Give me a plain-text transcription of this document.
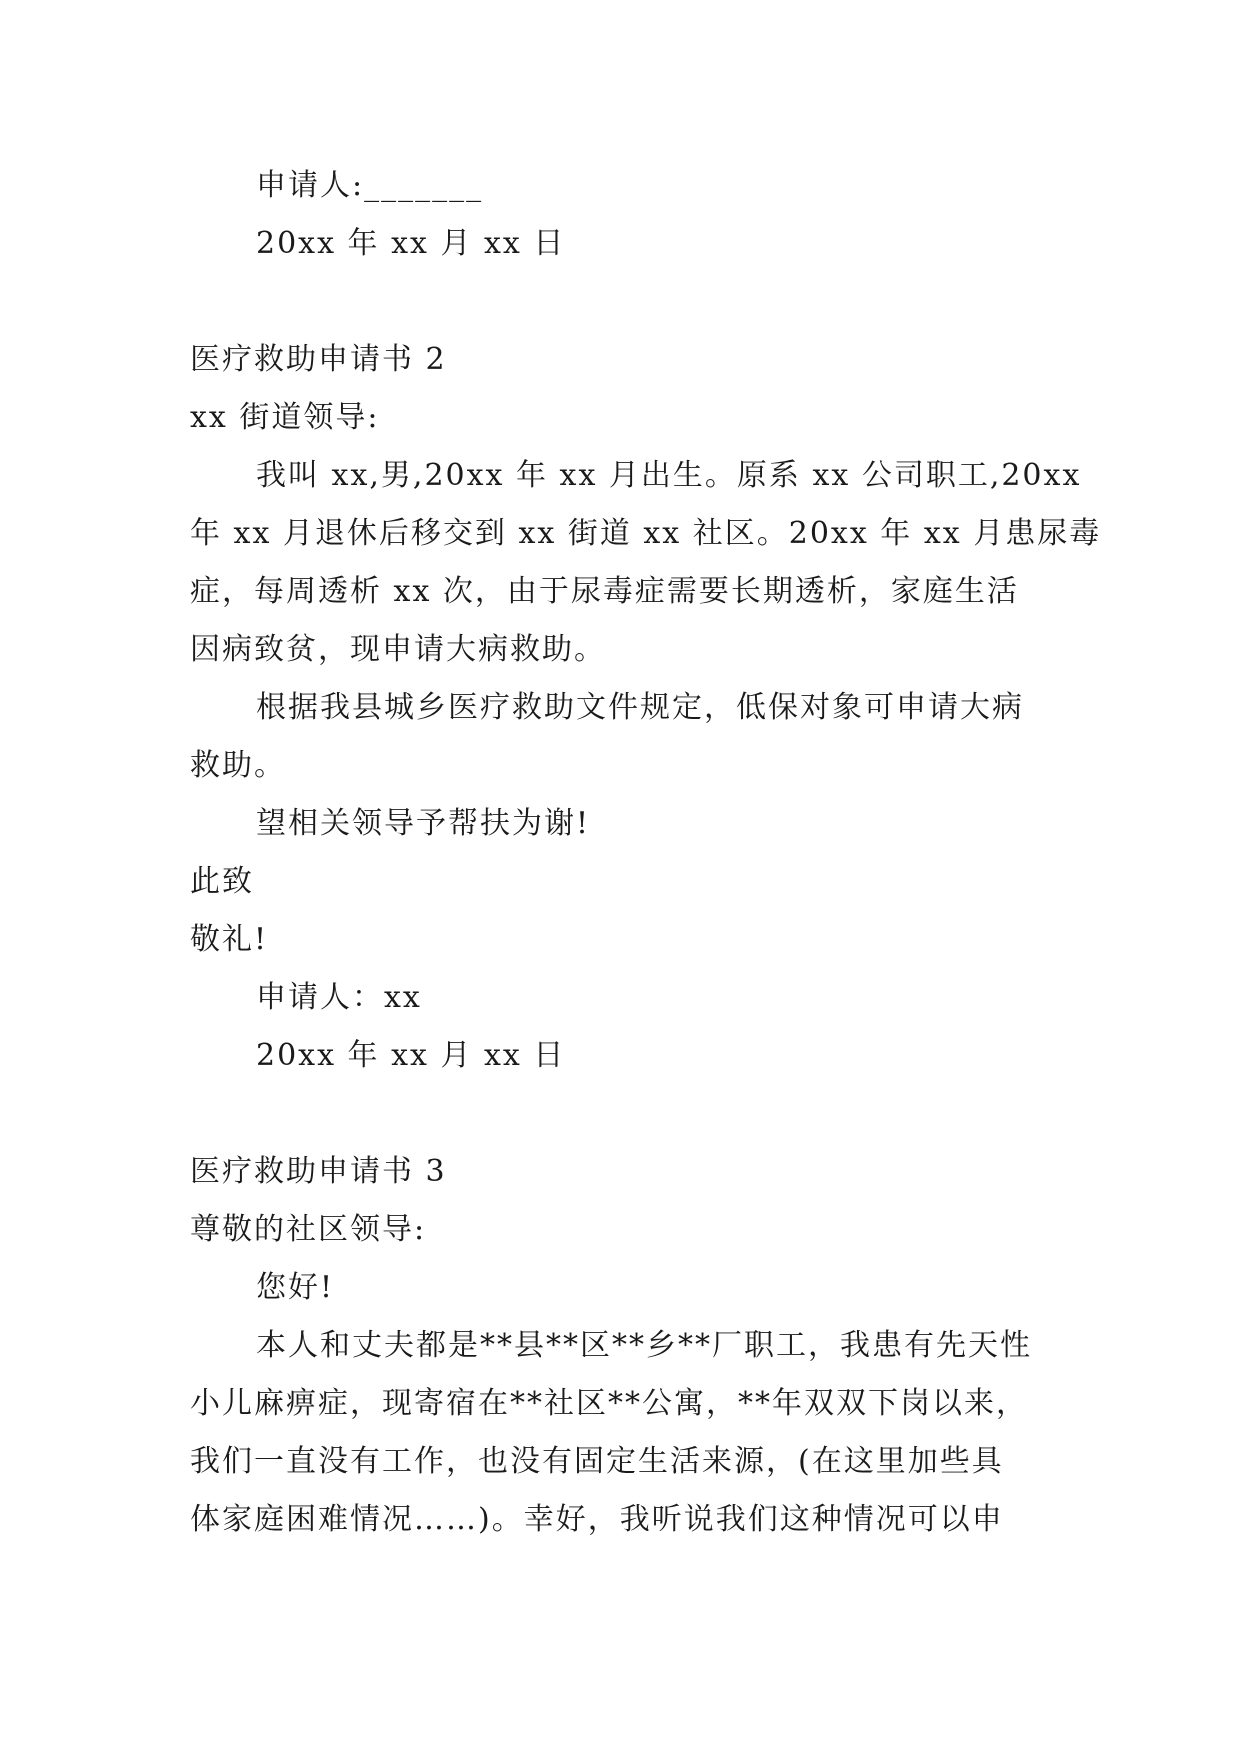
申请人:_______
20xx 年 xx 月 xx 日
医疗救助申请书 2
xx 街道领导:
我叫 xx,男,20xx 年 xx 月出生。原系 xx 公司职工,20xx
年 xx 月退休后移交到 xx 街道 xx 社区。20xx 年 xx 月患尿毒
症，每周透析 xx 次，由于尿毒症需要长期透析，家庭生活
因病致贫，现申请大病救助。
根据我县城乡医疗救助文件规定，低保对象可申请大病
救助。
望相关领导予帮扶为谢!
此致
敬礼!
申请人：xx
20xx 年 xx 月 xx 日
医疗救助申请书 3
尊敬的社区领导:
您好!
本人和丈夫都是**县**区**乡**厂职工，我患有先天性
小儿麻痹症，现寄宿在**社区**公寓，**年双双下岗以来，
我们一直没有工作，也没有固定生活来源，(在这里加些具
体家庭困难情况……)。幸好，我听说我们这种情况可以申
